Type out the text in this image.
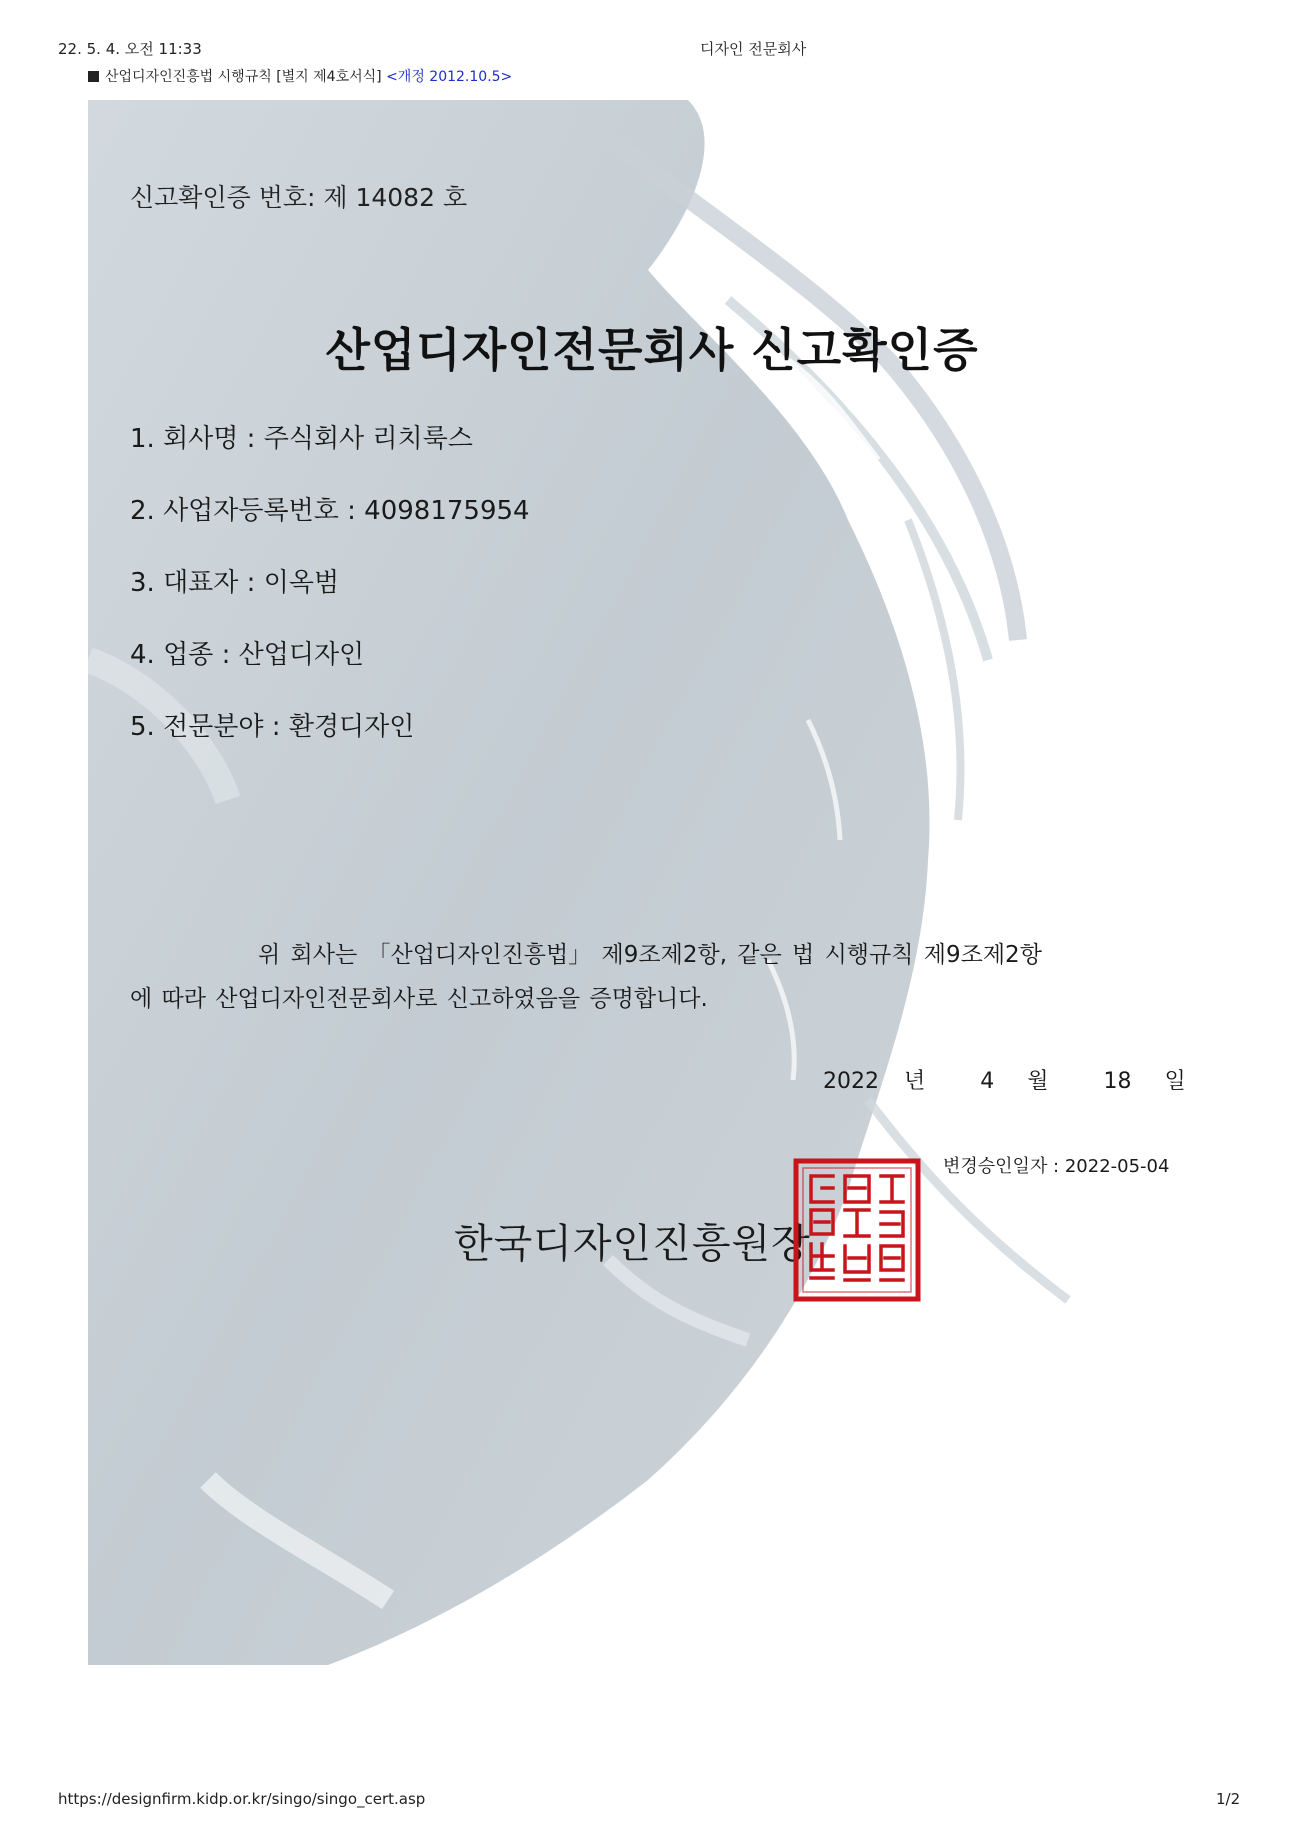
22. 5. 4. 오전 11:33	디자인 전문회사
산업디자인진흥법 시행규칙 [별지 제4호서식] <개정 2012.10.5>
신고확인증 번호: 제 14082 호
산업디자인전문회사 신고확인증
1. 회사명 : 주식회사 리치룩스
2. 사업자등록번호 : 4098175954
3. 대표자 : 이옥범
4. 업종 : 산업디자인
5. 전문분야 : 환경디자인
위 회사는 「산업디자인진흥법」 제9조제2항, 같은 법 시행규칙 제9조제2항
에 따라 산업디자인전문회사로 신고하였음을 증명합니다.
2022 년	4 월	18 일
변경승인일자 : 2022-05-04
한국디자인진흥원장
https://designfirm.kidp.or.kr/singo/singo_cert.asp	1/2
